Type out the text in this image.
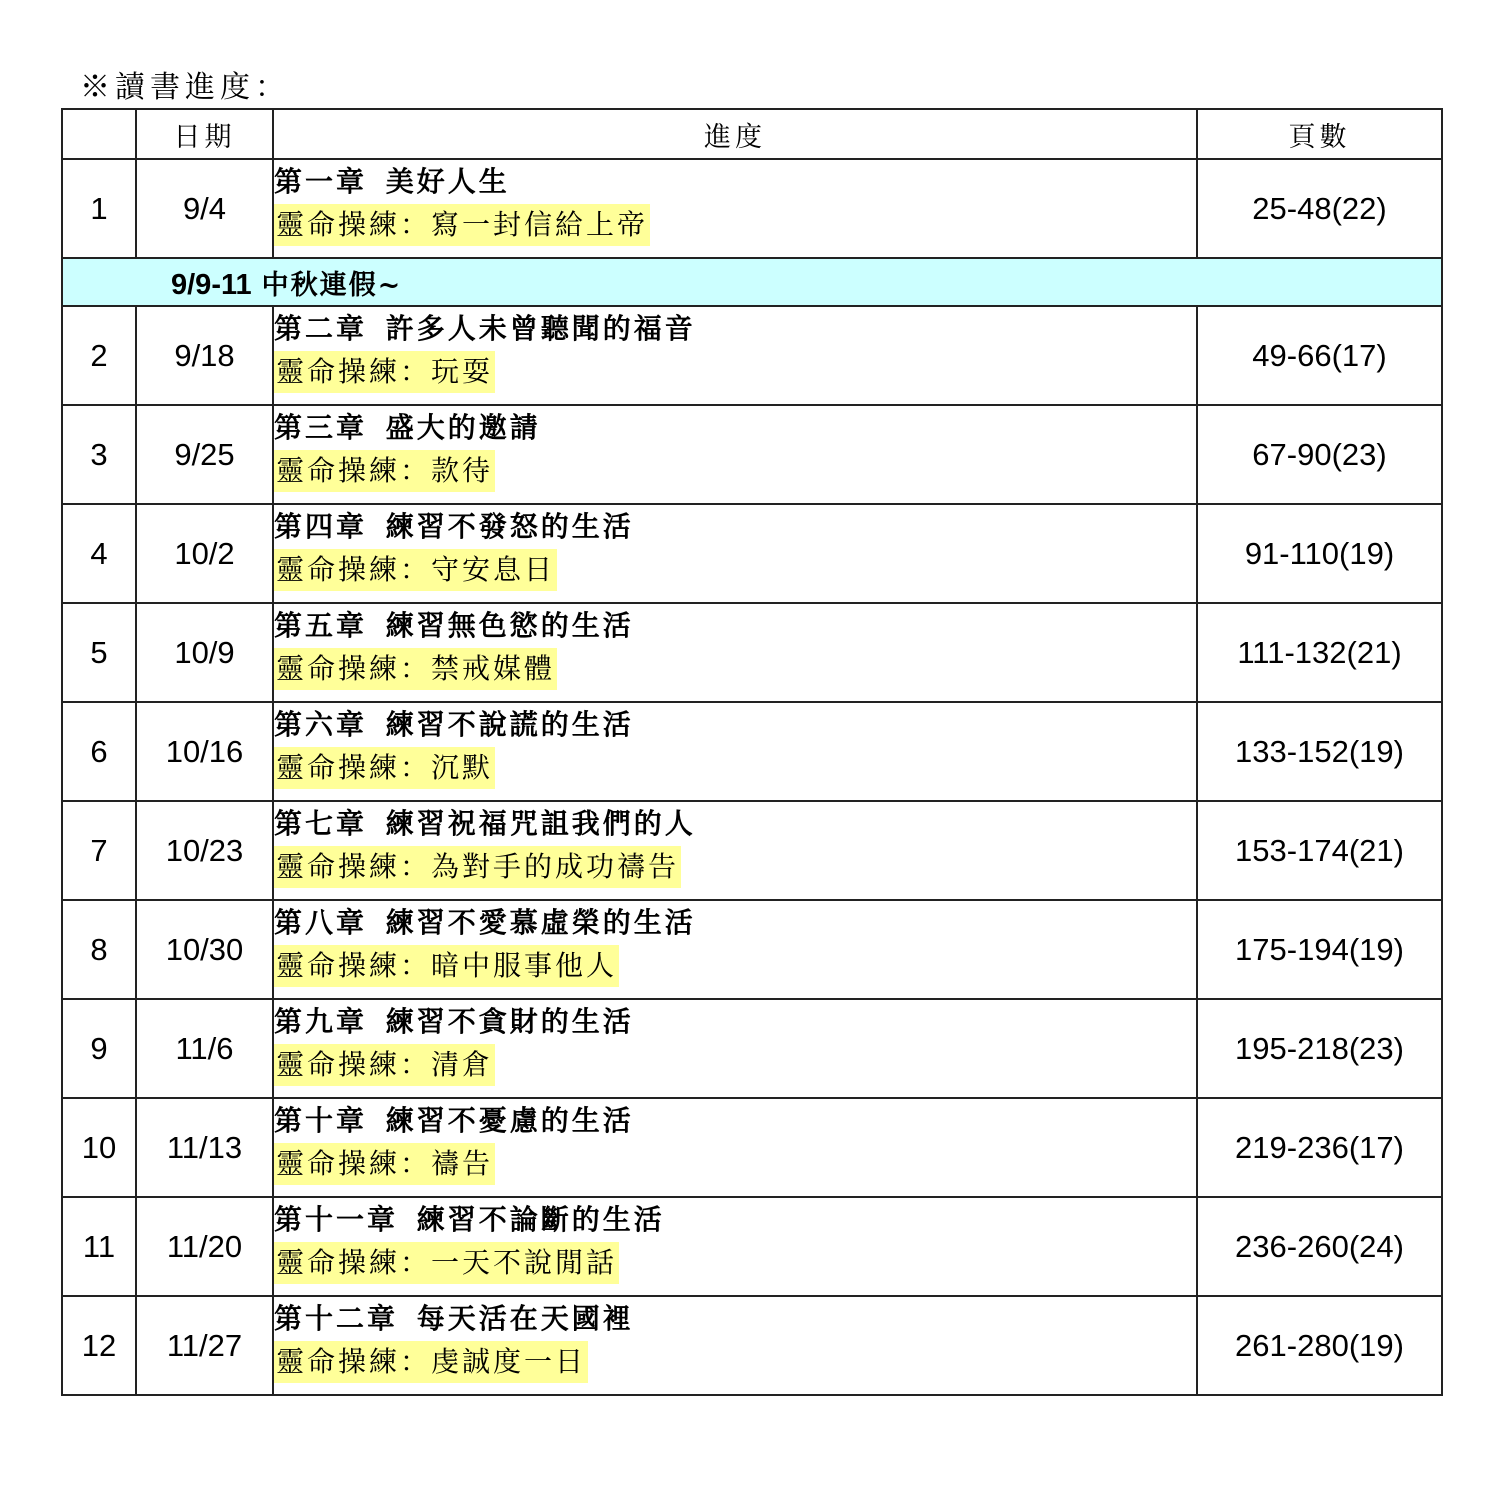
※讀書進度：
	日期	進度	頁數
1	9/4	第一章 美好人生
靈命操練：寫一封信給上帝	25-48(22)
9/9-11 中秋連假~			
2	9/18	第二章 許多人未曾聽聞的福音
靈命操練：玩耍	49-66(17)
3	9/25	第三章 盛大的邀請
靈命操練：款待	67-90(23)
4	10/2	第四章 練習不發怒的生活
靈命操練：守安息日	91-110(19)
5	10/9	第五章 練習無色慾的生活
靈命操練：禁戒媒體	111-132(21)
6	10/16	第六章 練習不說謊的生活
靈命操練：沉默	133-152(19)
7	10/23	第七章 練習祝福咒詛我們的人
靈命操練：為對手的成功禱告	153-174(21)
8	10/30	第八章 練習不愛慕虛榮的生活
靈命操練：暗中服事他人	175-194(19)
9	11/6	第九章 練習不貪財的生活
靈命操練：清倉	195-218(23)
10	11/13	第十章 練習不憂慮的生活
靈命操練：禱告	219-236(17)
11	11/20	第十一章 練習不論斷的生活
靈命操練：一天不說閒話	236-260(24)
12	11/27	第十二章 每天活在天國裡
靈命操練：虔誠度一日	261-280(19)
